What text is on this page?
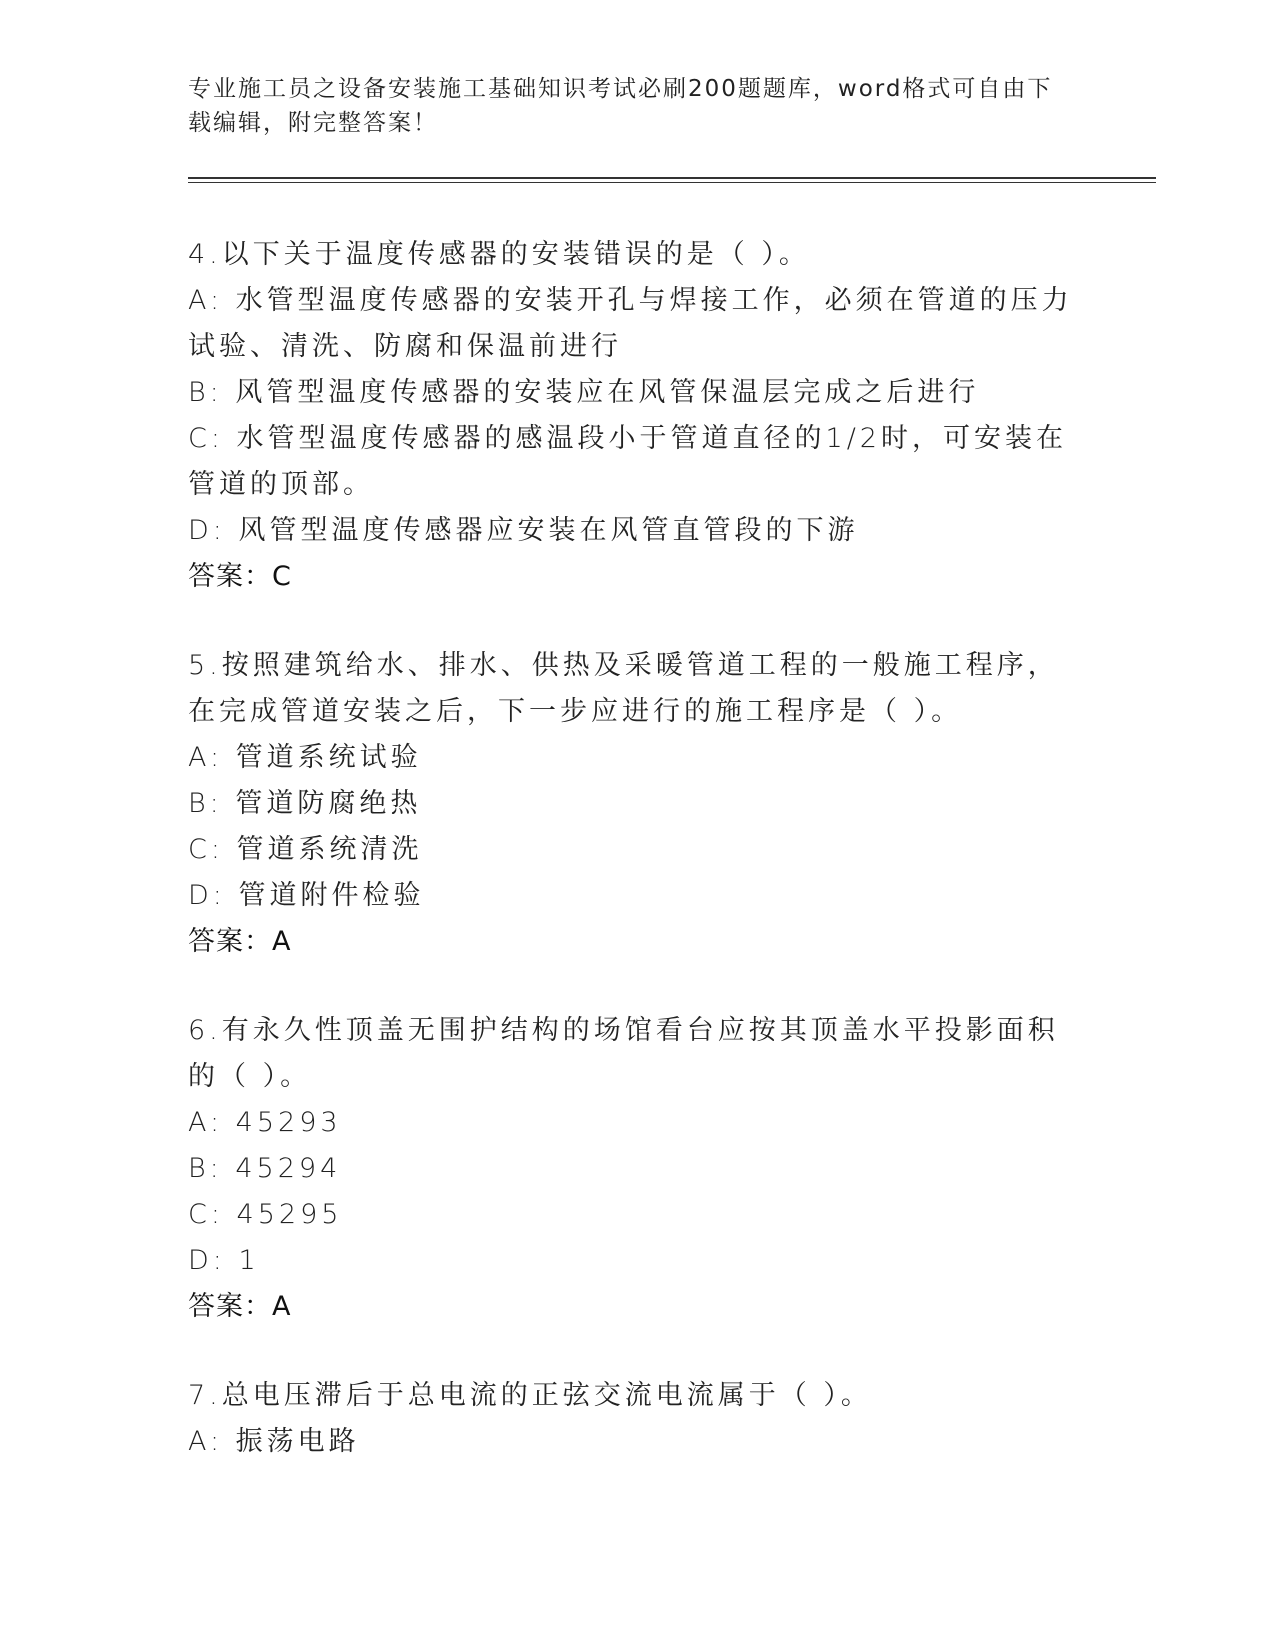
专业施工员之设备安装施工基础知识考试必刷200题题库，word格式可自由下载编辑，附完整答案！
4.以下关于温度传感器的安装错误的是（ ）。
A: 水管型温度传感器的安装开孔与焊接工作，必须在管道的压力试验、清洗、防腐和保温前进行
B: 风管型温度传感器的安装应在风管保温层完成之后进行
C: 水管型温度传感器的感温段小于管道直径的1/2时，可安装在管道的顶部。
D: 风管型温度传感器应安装在风管直管段的下游
答案：C
5.按照建筑给水、排水、供热及采暖管道工程的一般施工程序，在完成管道安装之后，下一步应进行的施工程序是（ ）。
A: 管道系统试验
B: 管道防腐绝热
C: 管道系统清洗
D: 管道附件检验
答案：A
6.有永久性顶盖无围护结构的场馆看台应按其顶盖水平投影面积的（ ）。
A: 45293
B: 45294
C: 45295
D: 1
答案：A
7.总电压滞后于总电流的正弦交流电流属于（ ）。
A: 振荡电路
